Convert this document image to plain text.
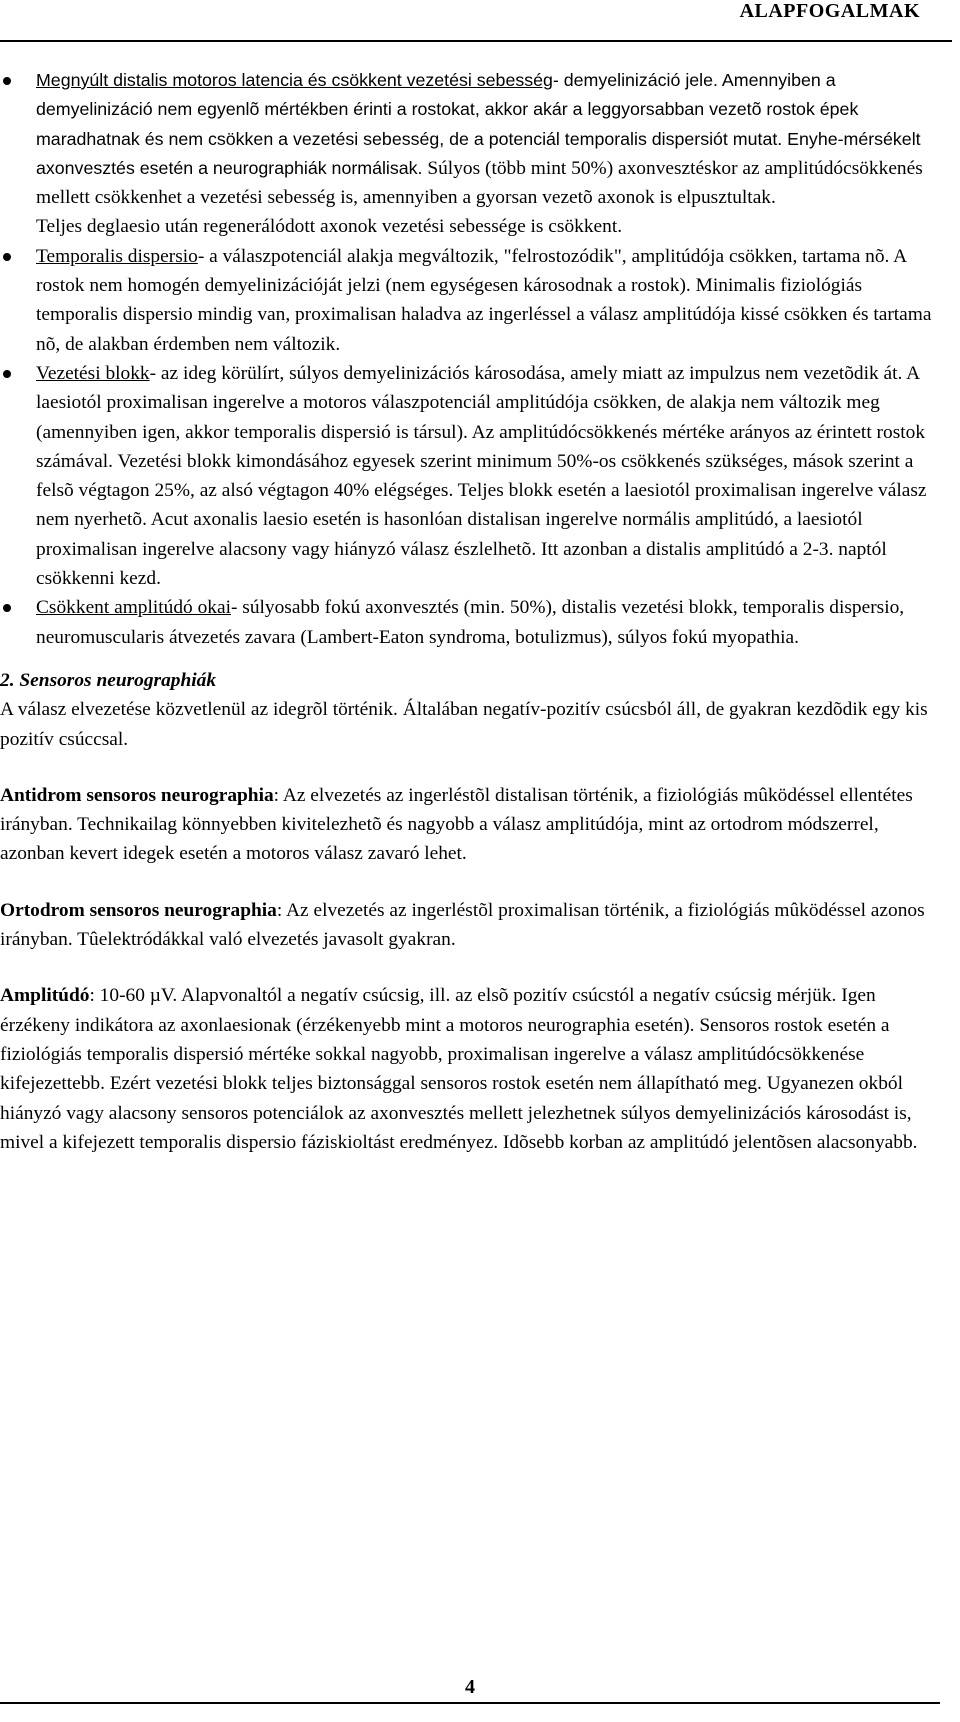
ALAPFOGALMAK
Megnyúlt distalis motoros latencia és csökkent vezetési sebesség- demyelinizáció jele. Amennyiben a demyelinizáció nem egyenlõ mértékben érinti a rostokat, akkor akár a leggyorsabban vezetõ rostok épek maradhatnak és nem csökken a vezetési sebesség, de a potenciál temporalis dispersiót mutat. Enyhe-mérsékelt axonvesztés esetén a neurographiák normálisak. Súlyos (több mint 50%) axonvesztéskor az amplitúdócsökkenés mellett csökkenhet a vezetési sebesség is, amennyiben a gyorsan vezetõ axonok is elpusztultak.
Teljes deglaesio után regenerálódott axonok vezetési sebessége is csökkent.
Temporalis dispersio- a válaszpotenciál alakja megváltozik, "felrostozódik", amplitúdója csökken, tartama nõ. A rostok nem homogén demyelinizációját jelzi (nem egységesen károsodnak a rostok). Minimalis fiziológiás temporalis dispersio mindig van, proximalisan haladva az ingerléssel a válasz amplitúdója kissé csökken és tartama nõ, de alakban érdemben nem változik.
Vezetési blokk- az ideg körülírt, súlyos demyelinizációs károsodása, amely miatt az impulzus nem vezetõdik át. A laesiotól proximalisan ingerelve a motoros válaszpotenciál amplitúdója csökken, de alakja nem változik meg (amennyiben igen, akkor temporalis dispersió is társul). Az amplitúdócsökkenés mértéke arányos az érintett rostok számával. Vezetési blokk kimondásához egyesek szerint minimum 50%-os csökkenés szükséges, mások szerint a felsõ végtagon 25%, az alsó végtagon 40% elégséges. Teljes blokk esetén a laesiotól proximalisan ingerelve válasz nem nyerhetõ. Acut axonalis laesio esetén is hasonlóan distalisan ingerelve normális amplitúdó, a laesiotól proximalisan ingerelve alacsony vagy hiányzó válasz észlelhetõ. Itt azonban a distalis amplitúdó a 2-3. naptól csökkenni kezd.
Csökkent amplitúdó okai- súlyosabb fokú axonvesztés (min. 50%), distalis vezetési blokk, temporalis dispersio, neuromuscularis átvezetés zavara (Lambert-Eaton syndroma, botulizmus), súlyos fokú myopathia.
2. Sensoros neurographiák

A válasz elvezetése közvetlenül az idegrõl történik. Általában negatív-pozitív csúcsból áll, de gyakran kezdõdik egy kis pozitív csúccsal.

Antidrom sensoros neurographia: Az elvezetés az ingerléstõl distalisan történik, a fiziológiás mûködéssel ellentétes irányban. Technikailag könnyebben kivitelezhetõ és nagyobb a válasz amplitúdója, mint az ortodrom módszerrel, azonban kevert idegek esetén a motoros válasz zavaró lehet.

Ortodrom sensoros neurographia: Az elvezetés az ingerléstõl proximalisan történik, a fiziológiás mûködéssel azonos irányban. Tûelektródákkal való elvezetés javasolt gyakran.

Amplitúdó: 10-60 µV. Alapvonaltól a negatív csúcsig, ill. az elsõ pozitív csúcstól a negatív csúcsig mérjük. Igen érzékeny indikátora az axonlaesionak (érzékenyebb mint a motoros neurographia esetén). Sensoros rostok esetén a fiziológiás temporalis dispersió mértéke sokkal nagyobb, proximalisan ingerelve a válasz amplitúdócsökkenése kifejezettebb. Ezért vezetési blokk teljes biztonsággal sensoros rostok esetén nem állapítható meg. Ugyanezen okból hiányzó vagy alacsony sensoros potenciálok az axonvesztés mellett jelezhetnek súlyos demyelinizációs károsodást is, mivel a kifejezett temporalis dispersio fáziskioltást eredményez. Idõsebb korban az amplitúdó jelentõsen alacsonyabb.

4
